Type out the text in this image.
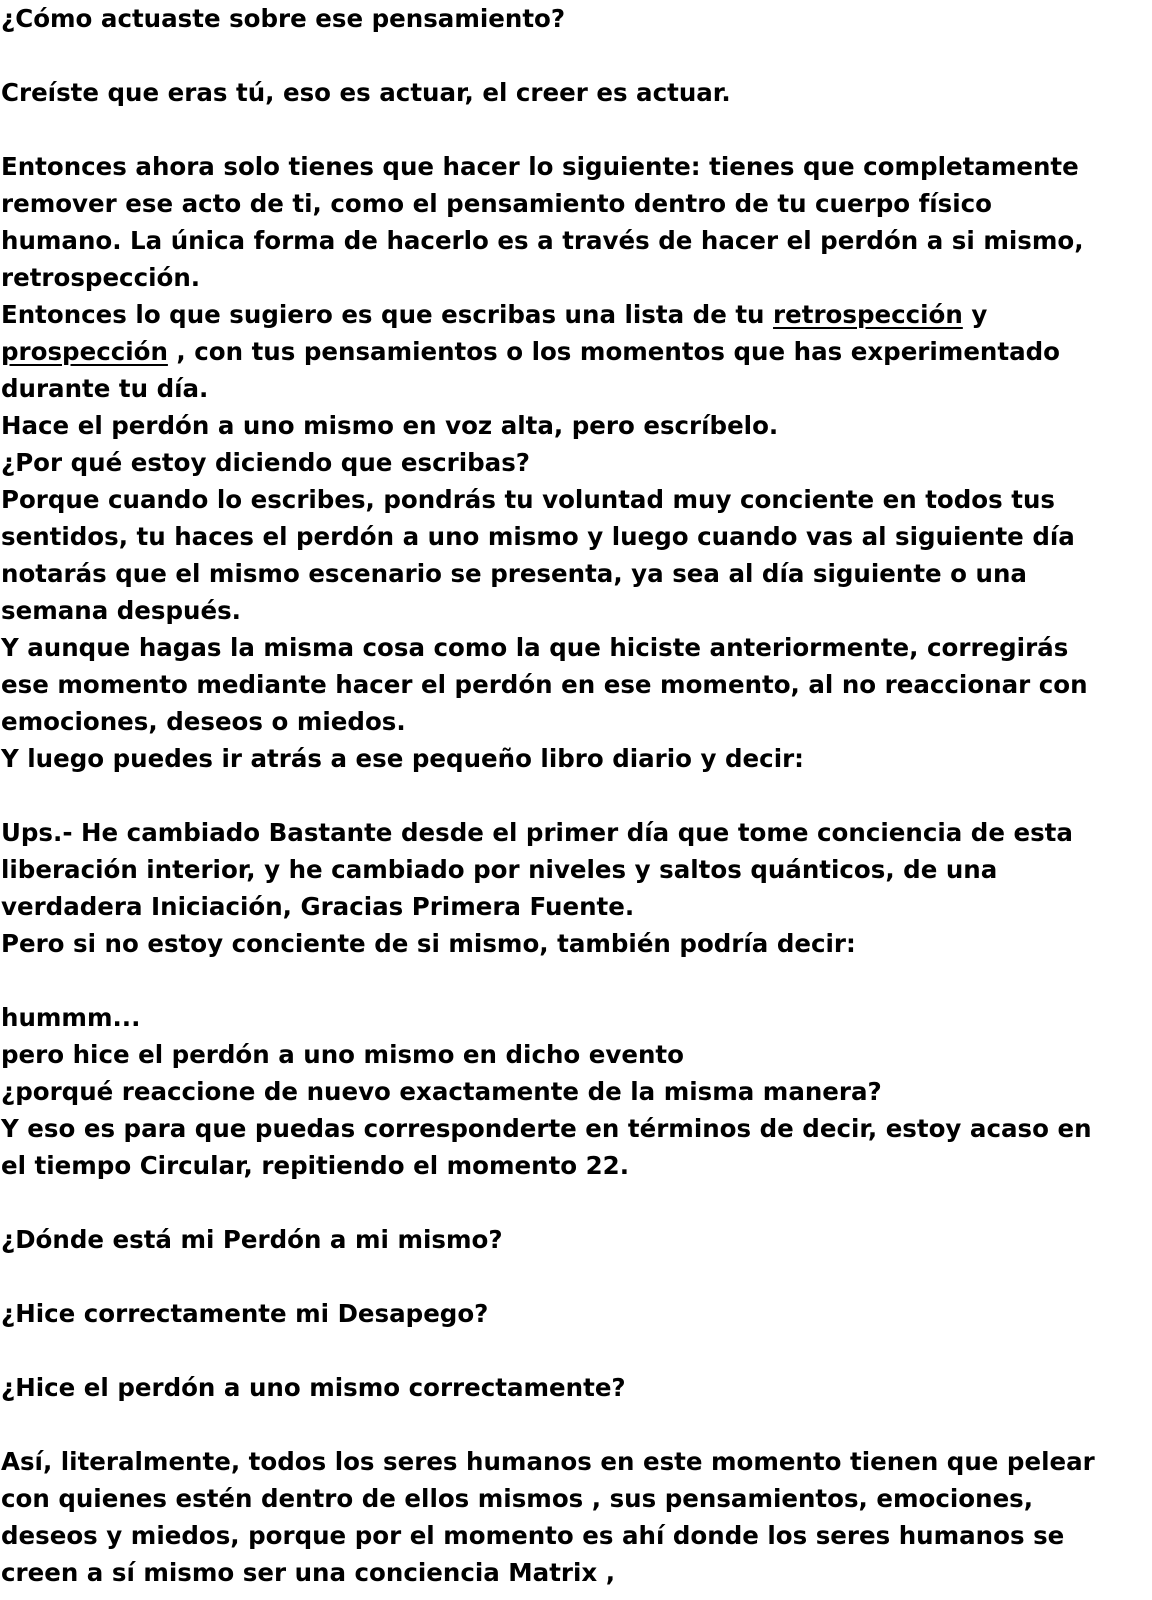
¿Cómo actuaste sobre ese pensamiento?
Creíste que eras tú, eso es actuar, el creer es actuar.
Entonces ahora solo tienes que hacer lo siguiente: tienes que completamente
remover ese acto de ti, como el pensamiento dentro de tu cuerpo físico
humano. La única forma de hacerlo es a través de hacer el perdón a si mismo,
retrospección.
Entonces lo que sugiero es que escribas una lista de tu retrospección y
prospección , con tus pensamientos o los momentos que has experimentado
durante tu día.
Hace el perdón a uno mismo en voz alta, pero escríbelo.
¿Por qué estoy diciendo que escribas?
Porque cuando lo escribes, pondrás tu voluntad muy conciente en todos tus
sentidos, tu haces el perdón a uno mismo y luego cuando vas al siguiente día
notarás que el mismo escenario se presenta, ya sea al día siguiente o una
semana después.
Y aunque hagas la misma cosa como la que hiciste anteriormente, corregirás
ese momento mediante hacer el perdón en ese momento, al no reaccionar con
emociones, deseos o miedos.
Y luego puedes ir atrás a ese pequeño libro diario y decir:
Ups.- He cambiado Bastante desde el primer día que tome conciencia de esta
liberación interior, y he cambiado por niveles y saltos quánticos, de una
verdadera Iniciación, Gracias Primera Fuente.
Pero si no estoy conciente de si mismo, también podría decir:
hummm...
pero hice el perdón a uno mismo en dicho evento
¿porqué reaccione de nuevo exactamente de la misma manera?
Y eso es para que puedas corresponderte en términos de decir, estoy acaso en
el tiempo Circular, repitiendo el momento 22.
¿Dónde está mi Perdón a mi mismo?
¿Hice correctamente mi Desapego?
¿Hice el perdón a uno mismo correctamente?
Así, literalmente, todos los seres humanos en este momento tienen que pelear
con quienes estén dentro de ellos mismos , sus pensamientos, emociones,
deseos y miedos, porque por el momento es ahí donde los seres humanos se
creen a sí mismo ser una conciencia Matrix ,
